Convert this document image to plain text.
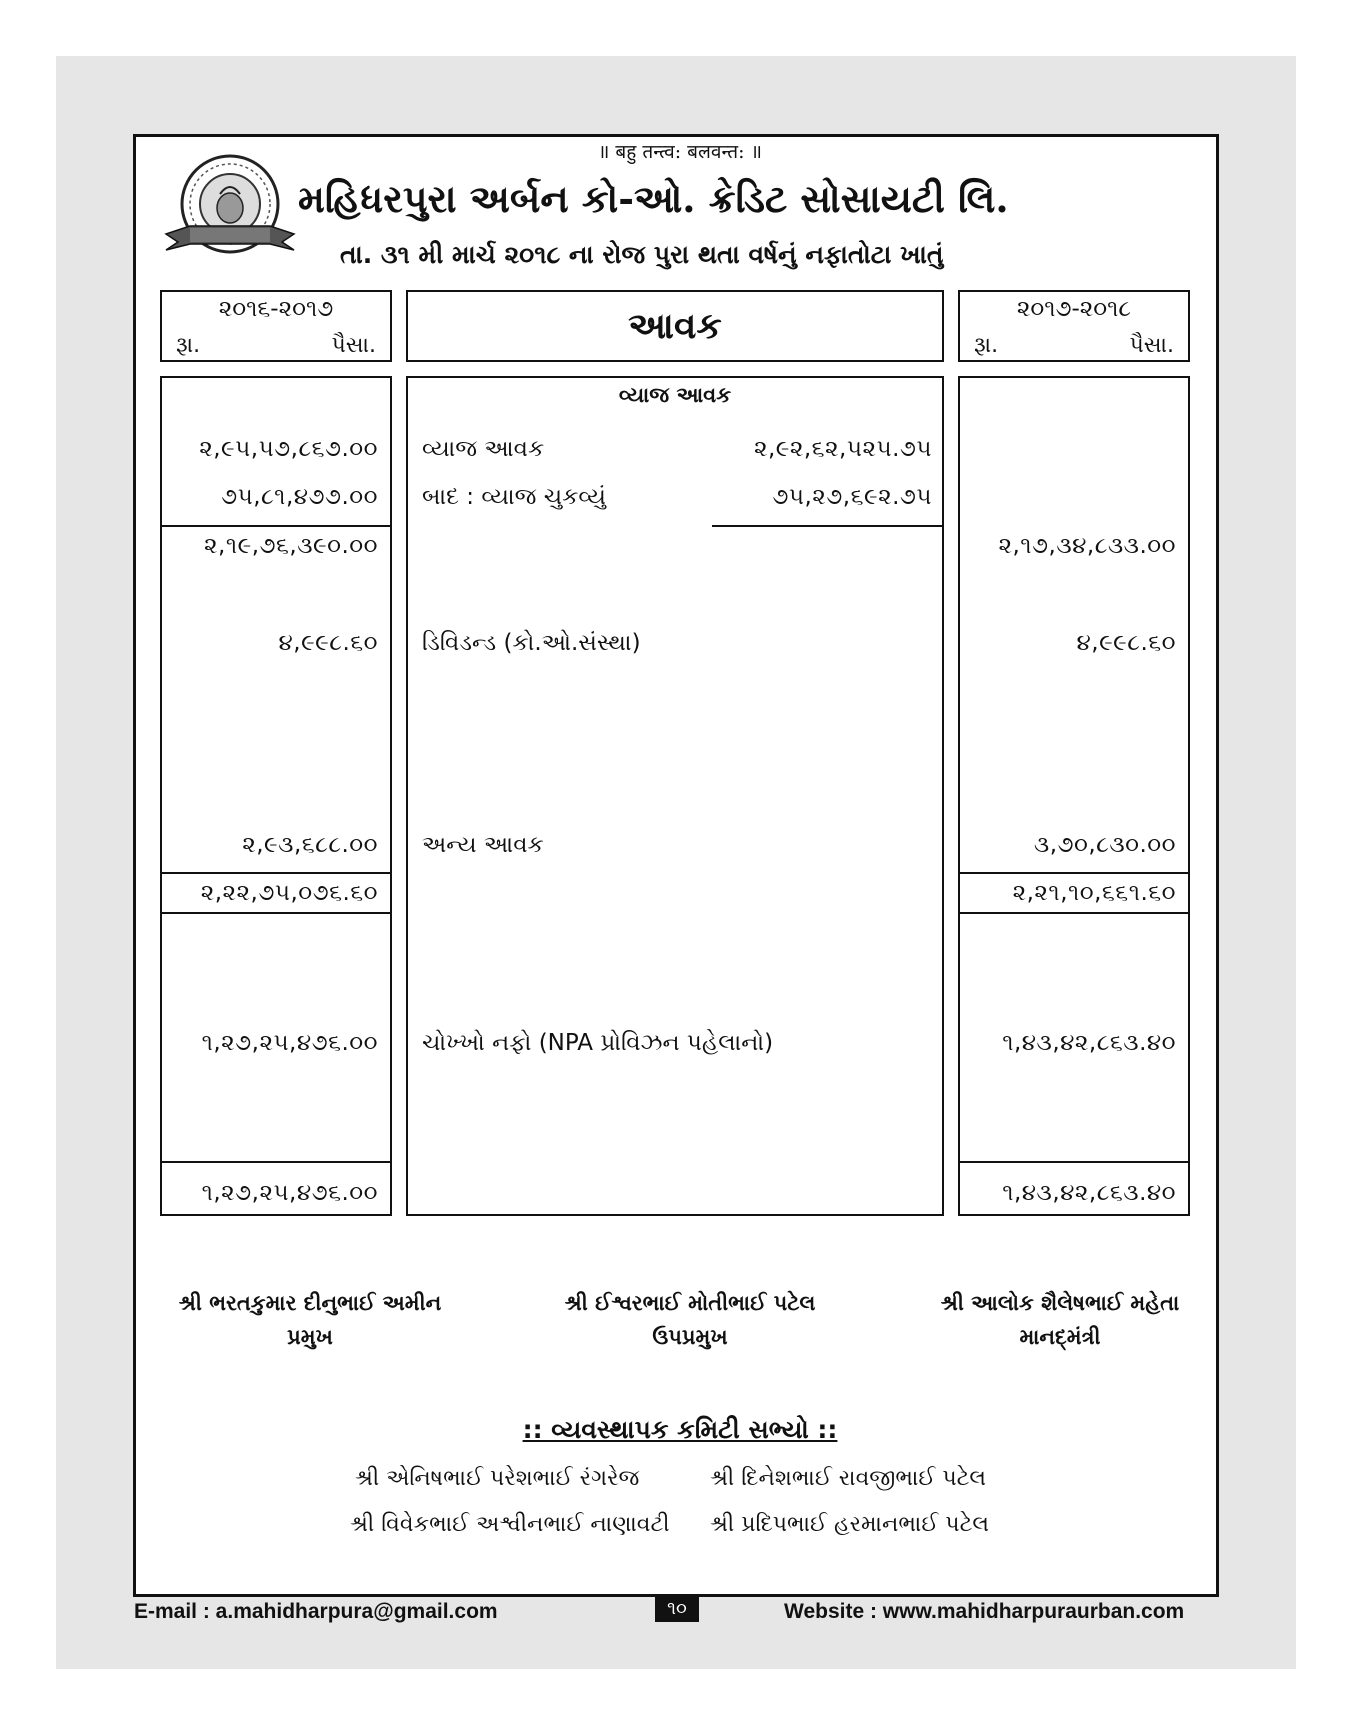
॥ बहु तन्त्व: बलवन्त: ॥
મહિધરપુરા અર્બન કો-ઓ. ક્રેડિટ સોસાયટી લિ.
તા. ૩૧ મી માર્ચ ૨૦૧૮ ના રોજ પુરા થતા વર્ષનું નફાતોટા ખાતું
૨૦૧૬-૨૦૧૭
રૂા.	પૈસા.	આવક	૨૦૧૭-૨૦૧૮
રૂા.	પૈસા.
વ્યાજ આવક
૨,૯૫,૫૭,૮૬૭.૦૦ વ્યાજ આવક	૨,૯૨,૬૨,૫૨૫.૭૫
૭૫,૮૧,૪૭૭.૦૦ બાદ : વ્યાજ ચુકવ્યું	૭૫,૨૭,૬૯૨.૭૫
૨,૧૯,૭૬,૩૯૦.૦૦	૨,૧૭,૩૪,૮૩૩.૦૦
૪,૯૯૮.૬૦ ડિવિડન્ડ (કો.ઓ.સંસ્થા)	૪,૯૯૮.૬૦
૨,૯૩,૬૮૮.૦૦ અન્ય આવક	૩,૭૦,૮૩૦.૦૦
૨,૨૨,૭૫,૦૭૬.૬૦	૨,૨૧,૧૦,૬૬૧.૬૦
૧,૨૭,૨૫,૪૭૬.૦૦ ચોખ્ખો નફો (NPA પ્રોવિઝન પહેલાનો)	૧,૪૩,૪૨,૮૬૩.૪૦
૧,૨૭,૨૫,૪૭૬.૦૦	૧,૪૩,૪૨,૮૬૩.૪૦
શ્રી ભરતકુમાર દીનુભાઈ અમીન
પ્રમુખ
શ્રી ઈશ્વરભાઈ મોતીભાઈ પટેલ
ઉપપ્રમુખ
શ્રી આલોક શૈલેષભાઈ મહેતા
માનદ્‌મંત્રી
:: વ્યવસ્થાપક કમિટી સભ્યો ::
શ્રી એનિષભાઈ પરેશભાઈ રંગરેજ	શ્રી દિનેશભાઈ રાવજીભાઈ પટેલ
શ્રી વિવેકભાઈ અશ્વીનભાઈ નાણાવટી શ્રી પ્રદિપભાઈ હરમાનભાઈ પટેલ
E-mail : a.mahidharpura@gmail.com	૧૦	Website : www.mahidharpuraurban.com
